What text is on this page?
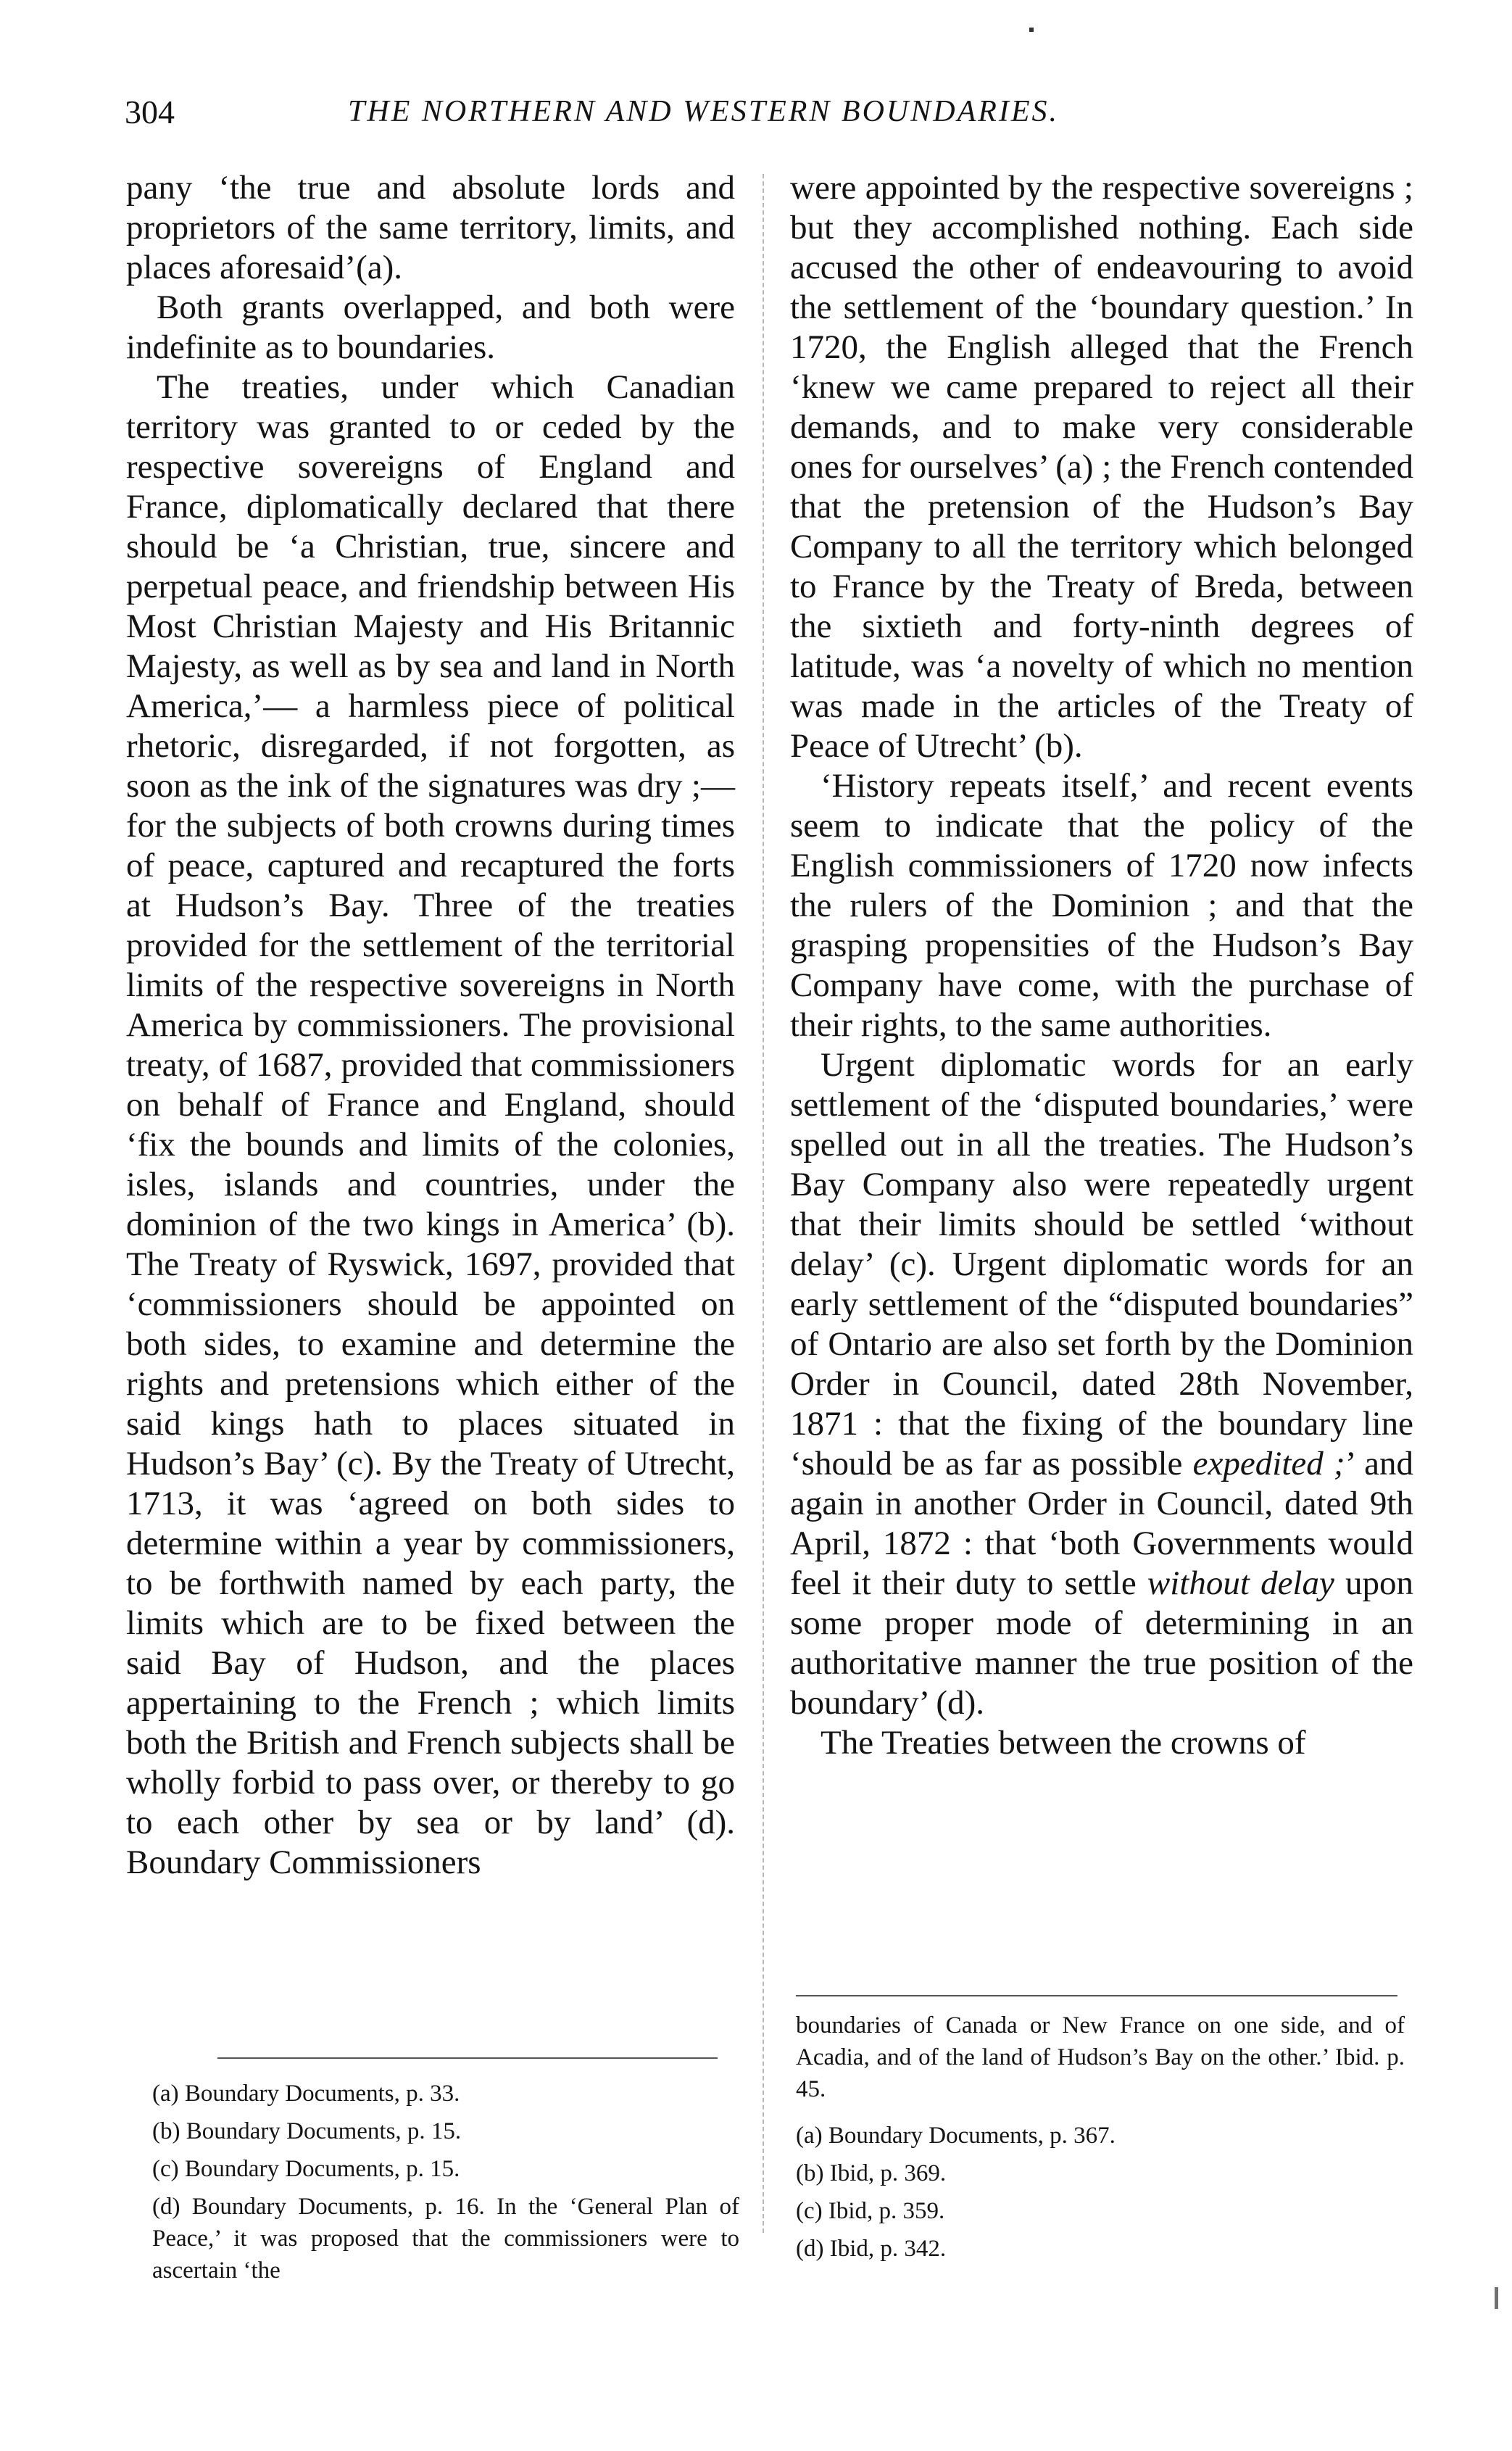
304	THE NORTHERN AND WESTERN BOUNDARIES.

pany ‘the true and absolute lords and proprietors of the same territory, limits, and places aforesaid’(a).

Both grants overlapped, and both were indefinite as to boundaries.

The treaties, under which Canadian territory was granted to or ceded by the respective sovereigns of England and France, diplomatically declared that there should be ‘a Christian, true, sincere and perpetual peace, and friendship between His Most Christian Majesty and His Britannic Majesty, as well as by sea and land in North America,’— a harmless piece of political rhetoric, disregarded, if not forgotten, as soon as the ink of the signatures was dry ;— for the subjects of both crowns during times of peace, captured and recaptured the forts at Hudson’s Bay. Three of the treaties provided for the settlement of the territorial limits of the respective sovereigns in North America by commissioners. The provisional treaty, of 1687, provided that commissioners on behalf of France and England, should ‘fix the bounds and limits of the colonies, isles, islands and countries, under the dominion of the two kings in America’ (b). The Treaty of Ryswick, 1697, provided that ‘commissioners should be appointed on both sides, to examine and determine the rights and pretensions which either of the said kings hath to places situated in Hudson’s Bay’ (c). By the Treaty of Utrecht, 1713, it was ‘agreed on both sides to determine within a year by commissioners, to be forthwith named by each party, the limits which are to be fixed between the said Bay of Hudson, and the places appertaining to the French ; which limits both the British and French subjects shall be wholly forbid to pass over, or thereby to go to each other by sea or by land’ (d). Boundary Commissioners

were appointed by the respective sovereigns ; but they accomplished nothing. Each side accused the other of endeavouring to avoid the settlement of the ‘boundary question.’ In 1720, the English alleged that the French ‘knew we came prepared to reject all their demands, and to make very considerable ones for ourselves’ (a) ; the French contended that the pretension of the Hudson’s Bay Company to all the territory which belonged to France by the Treaty of Breda, between the sixtieth and forty-ninth degrees of latitude, was ‘a novelty of which no mention was made in the articles of the Treaty of Peace of Utrecht’ (b).

‘History repeats itself,’ and recent events seem to indicate that the policy of the English commissioners of 1720 now infects the rulers of the Dominion ; and that the grasping propensities of the Hudson’s Bay Company have come, with the purchase of their rights, to the same authorities.

Urgent diplomatic words for an early settlement of the ‘disputed boundaries,’ were spelled out in all the treaties. The Hudson’s Bay Company also were repeatedly urgent that their limits should be settled ‘without delay’ (c). Urgent diplomatic words for an early settlement of the “disputed boundaries” of Ontario are also set forth by the Dominion Order in Council, dated 28th November, 1871 : that the fixing of the boundary line ‘should be as far as possible expedited ;’ and again in another Order in Council, dated 9th April, 1872 : that ‘both Governments would feel it their duty to settle without delay upon some proper mode of determining in an authoritative manner the true position of the boundary’ (d).

The Treaties between the crowns of

(a) Boundary Documents, p. 33.

(b) Boundary Documents, p. 15.

(c) Boundary Documents, p. 15.

(d) Boundary Documents, p. 16. In the ‘General Plan of Peace,’ it was proposed that the commissioners were to ascertain ‘the

boundaries of Canada or New France on one side, and of Acadia, and of the land of Hudson’s Bay on the other.’ Ibid. p. 45.

(a) Boundary Documents, p. 367.

(b) Ibid, p. 369.

(c) Ibid, p. 359.

(d) Ibid, p. 342.
